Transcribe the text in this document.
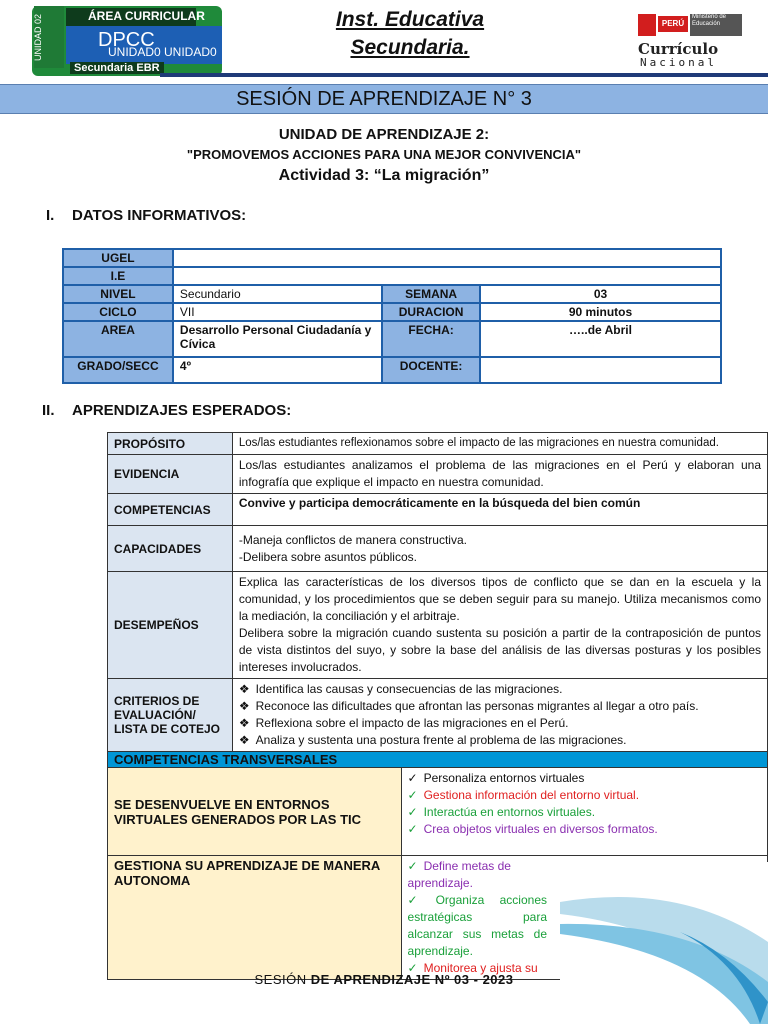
UNIDAD 02	ÁREA CURRICULAR
DPCC
UNIDAD0 UNIDAD0
Secundaria EBR
Inst. Educativa
Secundaria.
PERÚ
Ministerio de Educación
Currículo
Nacional
SESIÓN DE APRENDIZAJE N° 3
UNIDAD DE APRENDIZAJE 2:
"PROMOVEMOS ACCIONES PARA UNA MEJOR CONVIVENCIA"
Actividad 3: “La migración”
I. DATOS INFORMATIVOS:
UGEL			
I.E			
NIVEL	Secundario	SEMANA	03
CICLO	VII	DURACION	90 minutos
AREA	Desarrollo Personal Ciudadanía y Cívica	FECHA:	…..de Abril
GRADO/SECC	4º	DOCENTE:	
II. APRENDIZAJES ESPERADOS:
PROPÓSITO	Los/las estudiantes reflexionamos sobre el impacto de las migraciones en nuestra comunidad.	
EVIDENCIA	Los/las estudiantes analizamos el problema de las migraciones en el Perú y elaboran una infografía que explique el impacto en nuestra comunidad.	
COMPETENCIAS	Convive y participa democráticamente en la búsqueda del bien común	
CAPACIDADES	-Maneja conflictos de manera constructiva.
-Delibera sobre asuntos públicos.	

DESEMPEÑOS	Explica las características de los diversos tipos de conflicto que se dan en la escuela y la comunidad, y los procedimientos que se deben seguir para su manejo. Utiliza mecanismos como la mediación, la conciliación y el arbitraje.
Delibera sobre la migración cuando sustenta su posición a partir de la contraposición de puntos de vista distintos del suyo, y sobre la base del análisis de las diversas posturas y los posibles intereses involucrados.	

CRITERIOS DE EVALUACIÓN/ LISTA DE COTEJO	❖ Identifica las causas y consecuencias de las migraciones.
❖ Reconoce las dificultades que afrontan las personas migrantes al llegar a otro país.
❖ Reflexiona sobre el impacto de las migraciones en el Perú.
❖ Analiza y sustenta una postura frente al problema de las migraciones.	

COMPETENCIAS TRANSVERSALES		
SE DESENVUELVE EN ENTORNOS VIRTUALES GENERADOS POR LAS TIC		✓ Personaliza entornos virtuales
✓ Gestiona información del entorno virtual.
✓ Interactúa en entornos virtuales.
✓ Crea objetos virtuales en diversos formatos.

GESTIONA SU APRENDIZAJE DE MANERA AUTONOMA		✓ Define metas de aprendizaje.
✓ Organiza acciones estratégicas para alcanzar sus metas de aprendizaje.
✓ Monitorea y ajusta su
SESIÓN DE APRENDIZAJE Nº 03 - 2023
